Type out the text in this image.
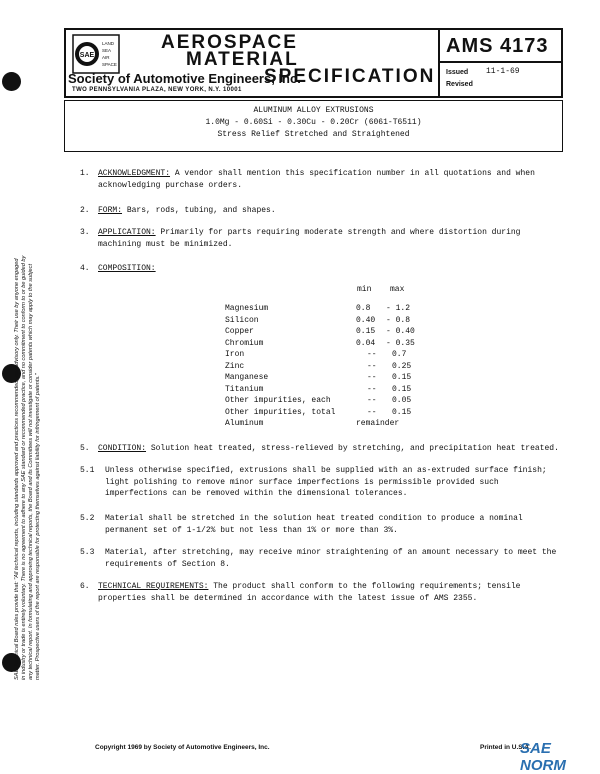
SAE
LAND
SEA
AIR
SPACE
AEROSPACE
MATERIAL
SPECIFICATION
Society of Automotive Engineers, Inc.
TWO PENNSYLVANIA PLAZA, NEW YORK, N.Y. 10001
AMS 4173
Issued 11-1-69
Revised
ALUMINUM ALLOY EXTRUSIONS
1.0Mg - 0.60Si - 0.30Cu - 0.20Cr (6061-T6511)
Stress Relief Stretched and Straightened
SAE Technical Board rules provide that: "All technical reports, including standards approved and practices recommended, are advisory only. Their use by anyone engaged in industry or trade is entirely voluntary. There is no agreement to adhere to any SAE standard or recommended practice, and no commitment to conform to or be guided by any technical report. In formulating and approving technical reports, the Board and its Committees will not investigate or consider patents which may apply to the subject matter. Prospective users of the report are responsible for protecting themselves against liability for infringement of patents."
1. ACKNOWLEDGMENT: A vendor shall mention this specification number in all quotations and when acknowledging purchase orders.
2. FORM: Bars, rods, tubing, and shapes.
3. APPLICATION: Primarily for parts requiring moderate strength and where distortion during machining must be minimized.
4. COMPOSITION:
min max
Magnesium	0.8 - 1.2
Silicon	0.40 - 0.8
Copper	0.15 - 0.40
Chromium	0.04 - 0.35
Iron	-- 0.7
Zinc	-- 0.25
Manganese	-- 0.15
Titanium	-- 0.15
Other impurities, each	-- 0.05
Other impurities, total	-- 0.15
Aluminum	remainder
5. CONDITION: Solution heat treated, stress-relieved by stretching, and precipitation heat treated.
5.1 Unless otherwise specified, extrusions shall be supplied with an as-extruded surface finish; light polishing to remove minor surface imperfections is permissible provided such imperfections can be removed within the dimensional tolerances.
5.2 Material shall be stretched in the solution heat treated condition to produce a nominal permanent set of 1-1/2% but not less than 1% or more than 3%.
5.3 Material, after stretching, may receive minor straightening of an amount necessary to meet the requirements of Section 8.
6. TECHNICAL REQUIREMENTS: The product shall conform to the following requirements; tensile properties shall be determined in accordance with the latest issue of AMS 2355.
Copyright 1969 by Society of Automotive Engineers, Inc.	Printed in U.S.A.
SAE NORM
